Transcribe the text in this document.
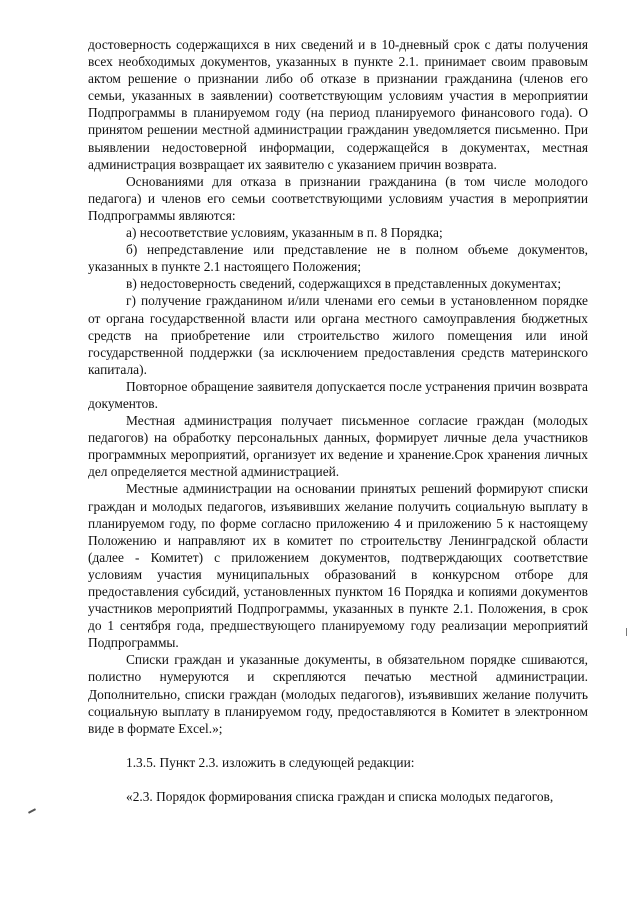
достоверность содержащихся в них сведений и в 10-дневный срок с даты получения всех необходимых документов, указанных в пункте 2.1. принимает своим правовым актом решение о признании либо об отказе в признании гражданина (членов его семьи, указанных в заявлении) соответствующим условиям участия в мероприятии Подпрограммы в планируемом году (на период планируемого финансового года). О принятом решении местной администрации гражданин уведомляется письменно. При выявлении недостоверной информации, содержащейся в документах, местная администрация возвращает их заявителю с указанием причин возврата.

Основаниями для отказа в признании гражданина (в том числе молодого педагога) и членов его семьи соответствующими условиям участия в мероприятии Подпрограммы являются:

а) несоответствие условиям, указанным в п. 8 Порядка;

б) непредставление или представление не в полном объеме документов, указанных в пункте 2.1 настоящего Положения;

в) недостоверность сведений, содержащихся в представленных документах;

г) получение гражданином и/или членами его семьи в установленном порядке от органа государственной власти или органа местного самоуправления бюджетных средств на приобретение или строительство жилого помещения или иной государственной поддержки (за исключением предоставления средств материнского капитала).

Повторное обращение заявителя допускается после устранения причин возврата документов.

Местная администрация получает письменное согласие граждан (молодых педагогов) на обработку персональных данных, формирует личные дела участников программных мероприятий, организует их ведение и хранение.Срок хранения личных дел определяется местной администрацией.

Местные администрации на основании принятых решений формируют списки граждан и молодых педагогов, изъявивших желание получить социальную выплату в планируемом году, по форме согласно приложению 4 и приложению 5 к настоящему Положению и направляют их в комитет по строительству Ленинградской области (далее - Комитет) с приложением документов, подтверждающих соответствие условиям участия муниципальных образований в конкурсном отборе для предоставления субсидий, установленных пунктом 16 Порядка и копиями документов участников мероприятий Подпрограммы, указанных в пункте 2.1. Положения, в срок до 1 сентября года, предшествующего планируемому году реализации мероприятий Подпрограммы.

Списки граждан и указанные документы, в обязательном порядке сшиваются, полистно нумеруются и скрепляются печатью местной администрации. Дополнительно, списки граждан (молодых педагогов), изъявивших желание получить социальную выплату в планируемом году, предоставляются в Комитет в электронном виде в формате Excel.»;

1.3.5. Пункт 2.3. изложить в следующей редакции:

«2.3. Порядок формирования списка граждан и списка молодых педагогов,
